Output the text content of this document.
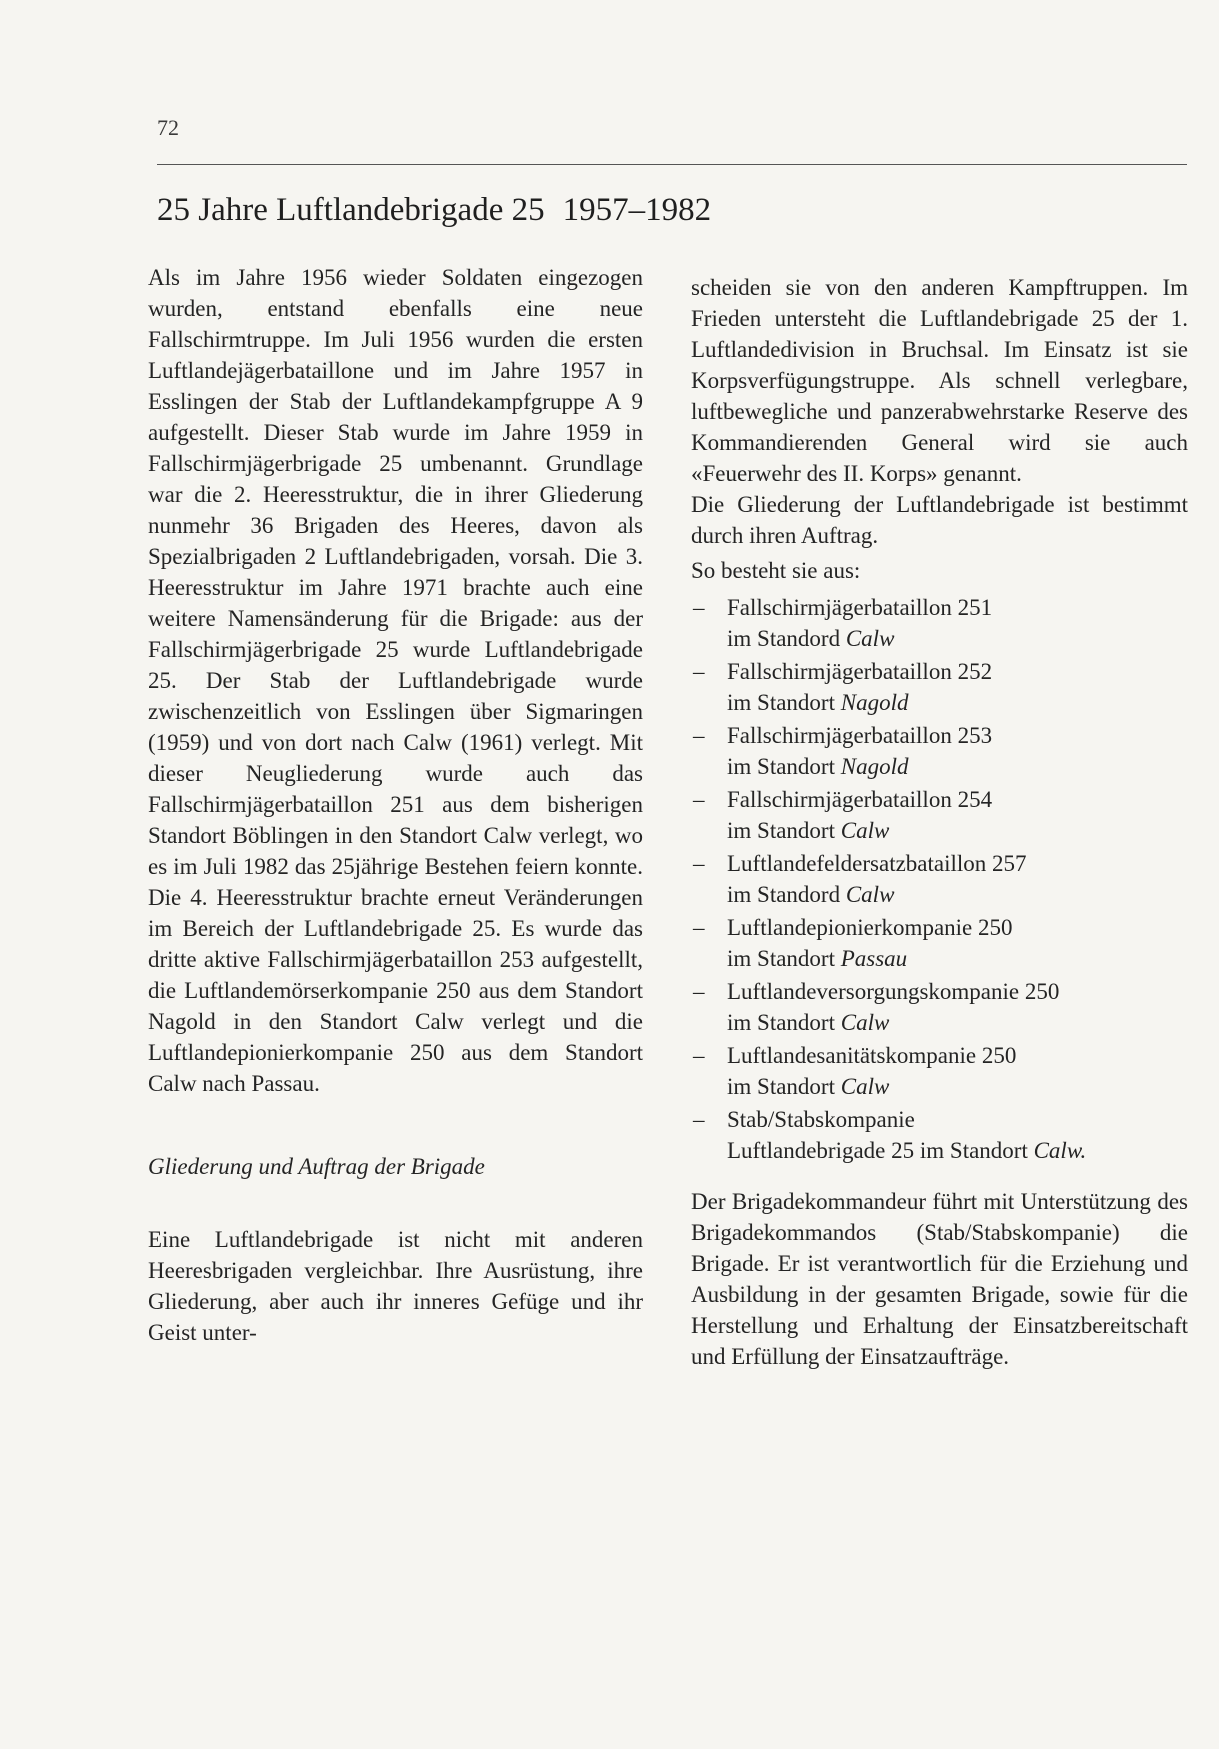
72
25 Jahre Luftlandebrigade 25 1957–1982

Als im Jahre 1956 wieder Soldaten eingezogen wurden, entstand ebenfalls eine neue Fallschirmtruppe. Im Juli 1956 wurden die ersten Luftlandejägerbataillone und im Jahre 1957 in Esslingen der Stab der Luftlandekampfgruppe A 9 aufgestellt. Dieser Stab wurde im Jahre 1959 in Fallschirmjägerbrigade 25 umbenannt. Grundlage war die 2. Heeresstruktur, die in ihrer Gliederung nunmehr 36 Brigaden des Heeres, davon als Spezialbrigaden 2 Luftlandebrigaden, vorsah. Die 3. Heeresstruktur im Jahre 1971 brachte auch eine weitere Namensänderung für die Brigade: aus der Fallschirmjägerbrigade 25 wurde Luftlandebrigade 25. Der Stab der Luftlandebrigade wurde zwischenzeitlich von Esslingen über Sigmaringen (1959) und von dort nach Calw (1961) verlegt. Mit dieser Neugliederung wurde auch das Fallschirmjägerbataillon 251 aus dem bisherigen Standort Böblingen in den Standort Calw verlegt, wo es im Juli 1982 das 25jährige Bestehen feiern konnte. Die 4. Heeresstruktur brachte erneut Veränderungen im Bereich der Luftlandebrigade 25. Es wurde das dritte aktive Fallschirmjägerbataillon 253 aufgestellt, die Luftlandemörserkompanie 250 aus dem Standort Nagold in den Standort Calw verlegt und die Luftlandepionierkompanie 250 aus dem Standort Calw nach Passau.

Gliederung und Auftrag der Brigade

Eine Luftlandebrigade ist nicht mit anderen Heeresbrigaden vergleichbar. Ihre Ausrüstung, ihre Gliederung, aber auch ihr inneres Gefüge und ihr Geist unter-

scheiden sie von den anderen Kampftruppen. Im Frieden untersteht die Luftlandebrigade 25 der 1. Luftlandedivision in Bruchsal. Im Einsatz ist sie Korpsverfügungstruppe. Als schnell verlegbare, luftbewegliche und panzerabwehrstarke Reserve des Kommandierenden General wird sie auch «Feuerwehr des II. Korps» genannt.

Die Gliederung der Luftlandebrigade ist bestimmt durch ihren Auftrag.

So besteht sie aus:

– Fallschirmjägerbataillon 251
im Standord Calw
– Fallschirmjägerbataillon 252
im Standort Nagold
– Fallschirmjägerbataillon 253
im Standort Nagold
– Fallschirmjägerbataillon 254
im Standort Calw
– Luftlandefeldersatzbataillon 257
im Standord Calw
– Luftlandepionierkompanie 250
im Standort Passau
– Luftlandeversorgungskompanie 250
im Standort Calw
– Luftlandesanitätskompanie 250
im Standort Calw
– Stab/Stabskompanie
Luftlandebrigade 25 im Standort Calw.

Der Brigadekommandeur führt mit Unterstützung des Brigadekommandos (Stab/Stabskompanie) die Brigade. Er ist verantwortlich für die Erziehung und Ausbildung in der gesamten Brigade, sowie für die Herstellung und Erhaltung der Einsatzbereitschaft und Erfüllung der Einsatzaufträge.
